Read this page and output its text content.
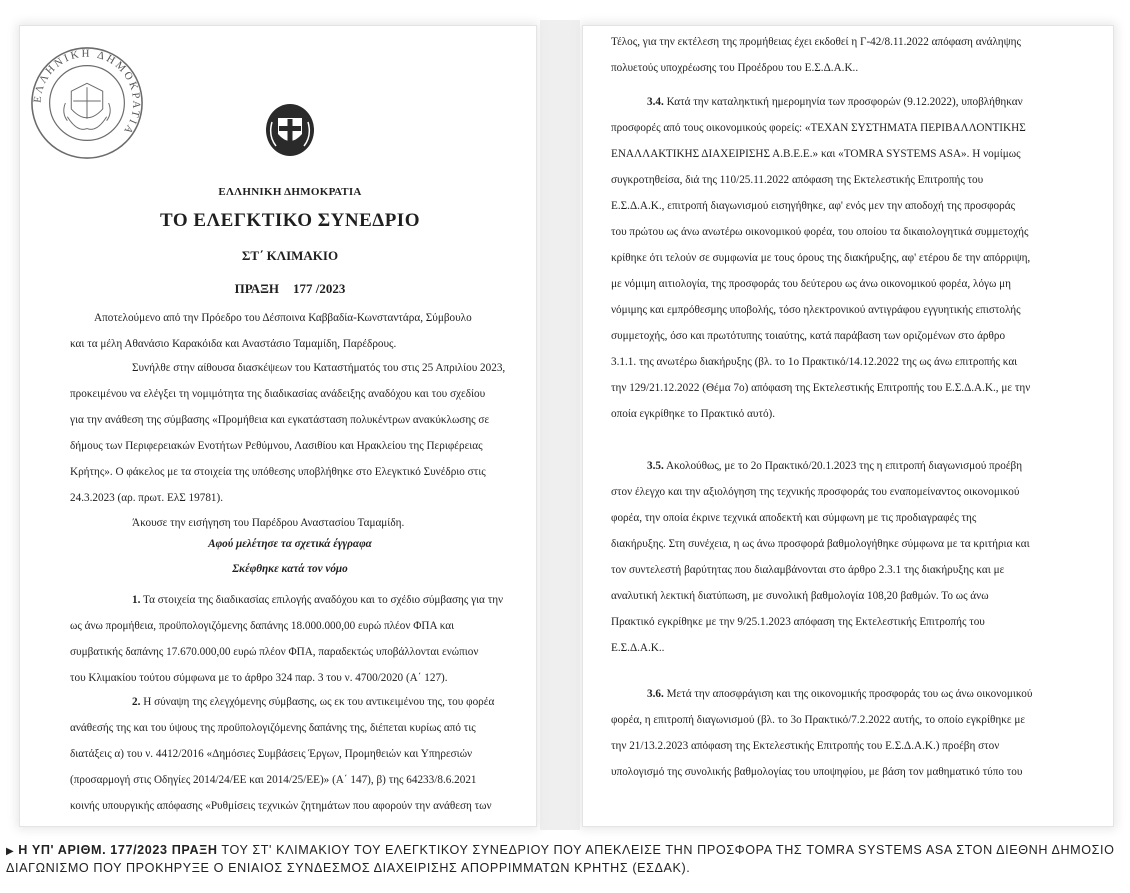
ΕΛΛΗΝΙΚΗ ΔΗΜΟΚΡΑΤΙΑ
ΕΛΛΗΝΙΚΗ ΔΗΜΟΚΡΑΤΙΑ
ΤΟ ΕΛΕΓΚΤΙΚΟ ΣΥΝΕΔΡΙΟ
ΣΤ΄ ΚΛΙΜΑΚΙΟ
ΠΡΑΞΗ 177 /2023
Αποτελούμενο από την Πρόεδρο του Δέσποινα Καββαδία-Κωνσταντάρα, Σύμβουλο
και τα μέλη Αθανάσιο Καρακόιδα και Αναστάσιο Ταμαμίδη, Παρέδρους.
Συνήλθε στην αίθουσα διασκέψεων του Καταστήματός του στις 25 Απριλίου 2023,
προκειμένου να ελέγξει τη νομιμότητα της διαδικασίας ανάδειξης αναδόχου και του σχεδίου
για την ανάθεση της σύμβασης «Προμήθεια και εγκατάσταση πολυκέντρων ανακύκλωσης σε
δήμους των Περιφερειακών Ενοτήτων Ρεθύμνου, Λασιθίου και Ηρακλείου της Περιφέρειας
Κρήτης». Ο φάκελος με τα στοιχεία της υπόθεσης υποβλήθηκε στο Ελεγκτικό Συνέδριο στις
24.3.2023 (αρ. πρωτ. ΕλΣ 19781).
Άκουσε την εισήγηση του Παρέδρου Αναστασίου Ταμαμίδη.
Αφού μελέτησε τα σχετικά έγγραφα
Σκέφθηκε κατά τον νόμο
1. Τα στοιχεία της διαδικασίας επιλογής αναδόχου και το σχέδιο σύμβασης για την
ως άνω προμήθεια, προϋπολογιζόμενης δαπάνης 18.000.000,00 ευρώ πλέον ΦΠΑ και
συμβατικής δαπάνης 17.670.000,00 ευρώ πλέον ΦΠΑ, παραδεκτώς υποβάλλονται ενώπιον
του Κλιμακίου τούτου σύμφωνα με το άρθρο 324 παρ. 3 του ν. 4700/2020 (Α΄ 127).
2. Η σύναψη της ελεγχόμενης σύμβασης, ως εκ του αντικειμένου της, του φορέα
ανάθεσής της και του ύψους της προϋπολογιζόμενης δαπάνης της, διέπεται κυρίως από τις
διατάξεις α) του ν. 4412/2016 «Δημόσιες Συμβάσεις Έργων, Προμηθειών και Υπηρεσιών
(προσαρμογή στις Οδηγίες 2014/24/ΕΕ και 2014/25/ΕΕ)» (Α΄ 147), β) της 64233/8.6.2021
κοινής υπουργικής απόφασης «Ρυθμίσεις τεχνικών ζητημάτων που αφορούν την ανάθεση των
Τέλος, για την εκτέλεση της προμήθειας έχει εκδοθεί η Γ-42/8.11.2022 απόφαση ανάληψης
πολυετούς υποχρέωσης του Προέδρου του Ε.Σ.Δ.Α.Κ..
3.4. Κατά την καταληκτική ημερομηνία των προσφορών (9.12.2022), υποβλήθηκαν
προσφορές από τους οικονομικούς φορείς: «ΤΕΧΑΝ ΣΥΣΤΗΜΑΤΑ ΠΕΡΙΒΑΛΛΟΝΤΙΚΗΣ
ΕΝΑΛΛΑΚΤΙΚΗΣ ΔΙΑΧΕΙΡΙΣΗΣ Α.Β.Ε.Ε.» και «TOMRA SYSTEMS ASA». Η νομίμως
συγκροτηθείσα, διά της 110/25.11.2022 απόφαση της Εκτελεστικής Επιτροπής του
Ε.Σ.Δ.Α.Κ., επιτροπή διαγωνισμού εισηγήθηκε, αφ' ενός μεν την αποδοχή της προσφοράς
του πρώτου ως άνω ανωτέρω οικονομικού φορέα, του οποίου τα δικαιολογητικά συμμετοχής
κρίθηκε ότι τελούν σε συμφωνία με τους όρους της διακήρυξης, αφ' ετέρου δε την απόρριψη,
με νόμιμη αιτιολογία, της προσφοράς του δεύτερου ως άνω οικονομικού φορέα, λόγω μη
νόμιμης και εμπρόθεσμης υποβολής, τόσο ηλεκτρονικού αντιγράφου εγγυητικής επιστολής
συμμετοχής, όσο και πρωτότυπης τοιαύτης, κατά παράβαση των οριζομένων στο άρθρο
3.1.1. της ανωτέρω διακήρυξης (βλ. το 1ο Πρακτικό/14.12.2022 της ως άνω επιτροπής και
την 129/21.12.2022 (Θέμα 7ο) απόφαση της Εκτελεστικής Επιτροπής του Ε.Σ.Δ.Α.Κ., με την
οποία εγκρίθηκε το Πρακτικό αυτό).
3.5. Ακολούθως, με το 2ο Πρακτικό/20.1.2023 της η επιτροπή διαγωνισμού προέβη
στον έλεγχο και την αξιολόγηση της τεχνικής προσφοράς του εναπομείναντος οικονομικού
φορέα, την οποία έκρινε τεχνικά αποδεκτή και σύμφωνη με τις προδιαγραφές της
διακήρυξης. Στη συνέχεια, η ως άνω προσφορά βαθμολογήθηκε σύμφωνα με τα κριτήρια και
τον συντελεστή βαρύτητας που διαλαμβάνονται στο άρθρο 2.3.1 της διακήρυξης και με
αναλυτική λεκτική διατύπωση, με συνολική βαθμολογία 108,20 βαθμών. Το ως άνω
Πρακτικό εγκρίθηκε με την 9/25.1.2023 απόφαση της Εκτελεστικής Επιτροπής του
Ε.Σ.Δ.Α.Κ..
3.6. Μετά την αποσφράγιση και της οικονομικής προσφοράς του ως άνω οικονομικού
φορέα, η επιτροπή διαγωνισμού (βλ. το 3ο Πρακτικό/7.2.2022 αυτής, το οποίο εγκρίθηκε με
την 21/13.2.2023 απόφαση της Εκτελεστικής Επιτροπής του Ε.Σ.Δ.Α.Κ.) προέβη στον
υπολογισμό της συνολικής βαθμολογίας του υποψηφίου, με βάση τον μαθηματικό τύπο του
▶ Η ΥΠ' ΑΡΙΘΜ. 177/2023 ΠΡΑΞΗ ΤΟΥ ΣΤ' ΚΛΙΜΑΚΙΟΥ ΤΟΥ ΕΛΕΓΚΤΙΚΟΥ ΣΥΝΕΔΡΙΟΥ ΠΟΥ ΑΠΕΚΛΕΙΣΕ ΤΗΝ ΠΡΟΣΦΟΡΑ ΤΗΣ TOMRA SYSTEMS ASA ΣΤΟΝ ΔΙΕΘΝΗ ΔΗΜΟΣΙΟ ΔΙΑΓΩΝΙΣΜΟ ΠΟΥ ΠΡΟΚΗΡΥΞΕ Ο ΕΝΙΑΙΟΣ ΣΥΝΔΕΣΜΟΣ ΔΙΑΧΕΙΡΙΣΗΣ ΑΠΟΡΡΙΜΜΑΤΩΝ ΚΡΗΤΗΣ (ΕΣΔΑΚ).
